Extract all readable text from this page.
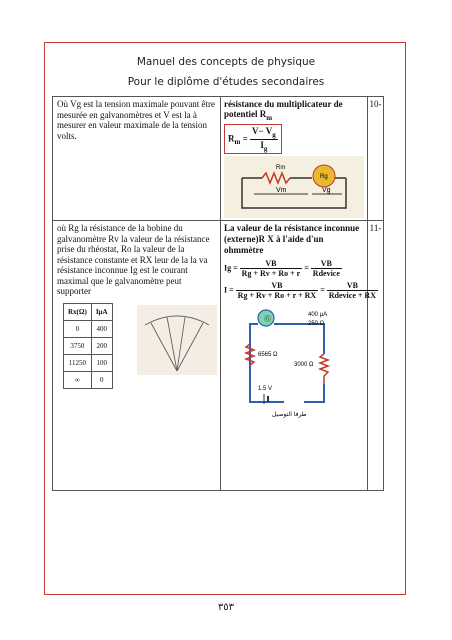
Manuel des concepts de physique
Pour le diplôme d'études secondaires
Où Vg est la tension maximale pouvant être mesurée en galvanomètres et V est la à mesurer en valeur maximale de la tension volts.	
résistance du multiplicateur de potentiel $R_m$
$R_m = \frac{V- V_g}{I_g}$
Rm
Rg
Vm	Vg
	10-

où Rg la résistance de la bobine du galvanomètre Rv la valeur de la résistance prise du rhéostat, Ro la valeur de la résistance constante et RX leur de la la va résistance inconnue Ig est le courant maximal que le galvanomètre peut supporter
Rx(Ω)	IμA
0	400
3750	200
11250	100
∞	0

La valeur de la résistance inconnue (externe)R X à l'aide d'un ohmmètre
$Ig = \frac{VB}{Rg + Rv + Ro + r} = \frac{VB}{\text{Rdevice}}$
$I = \frac{VB}{Rg + Rv + Ro + r + RX} = \frac{VB}{\text{Rdevice + RX}}$
Ⓖ
400 μA
250 Ω
6565 Ω
3000 Ω
1.5 V
طرفا التوصيل
	11-
٣٥٣
